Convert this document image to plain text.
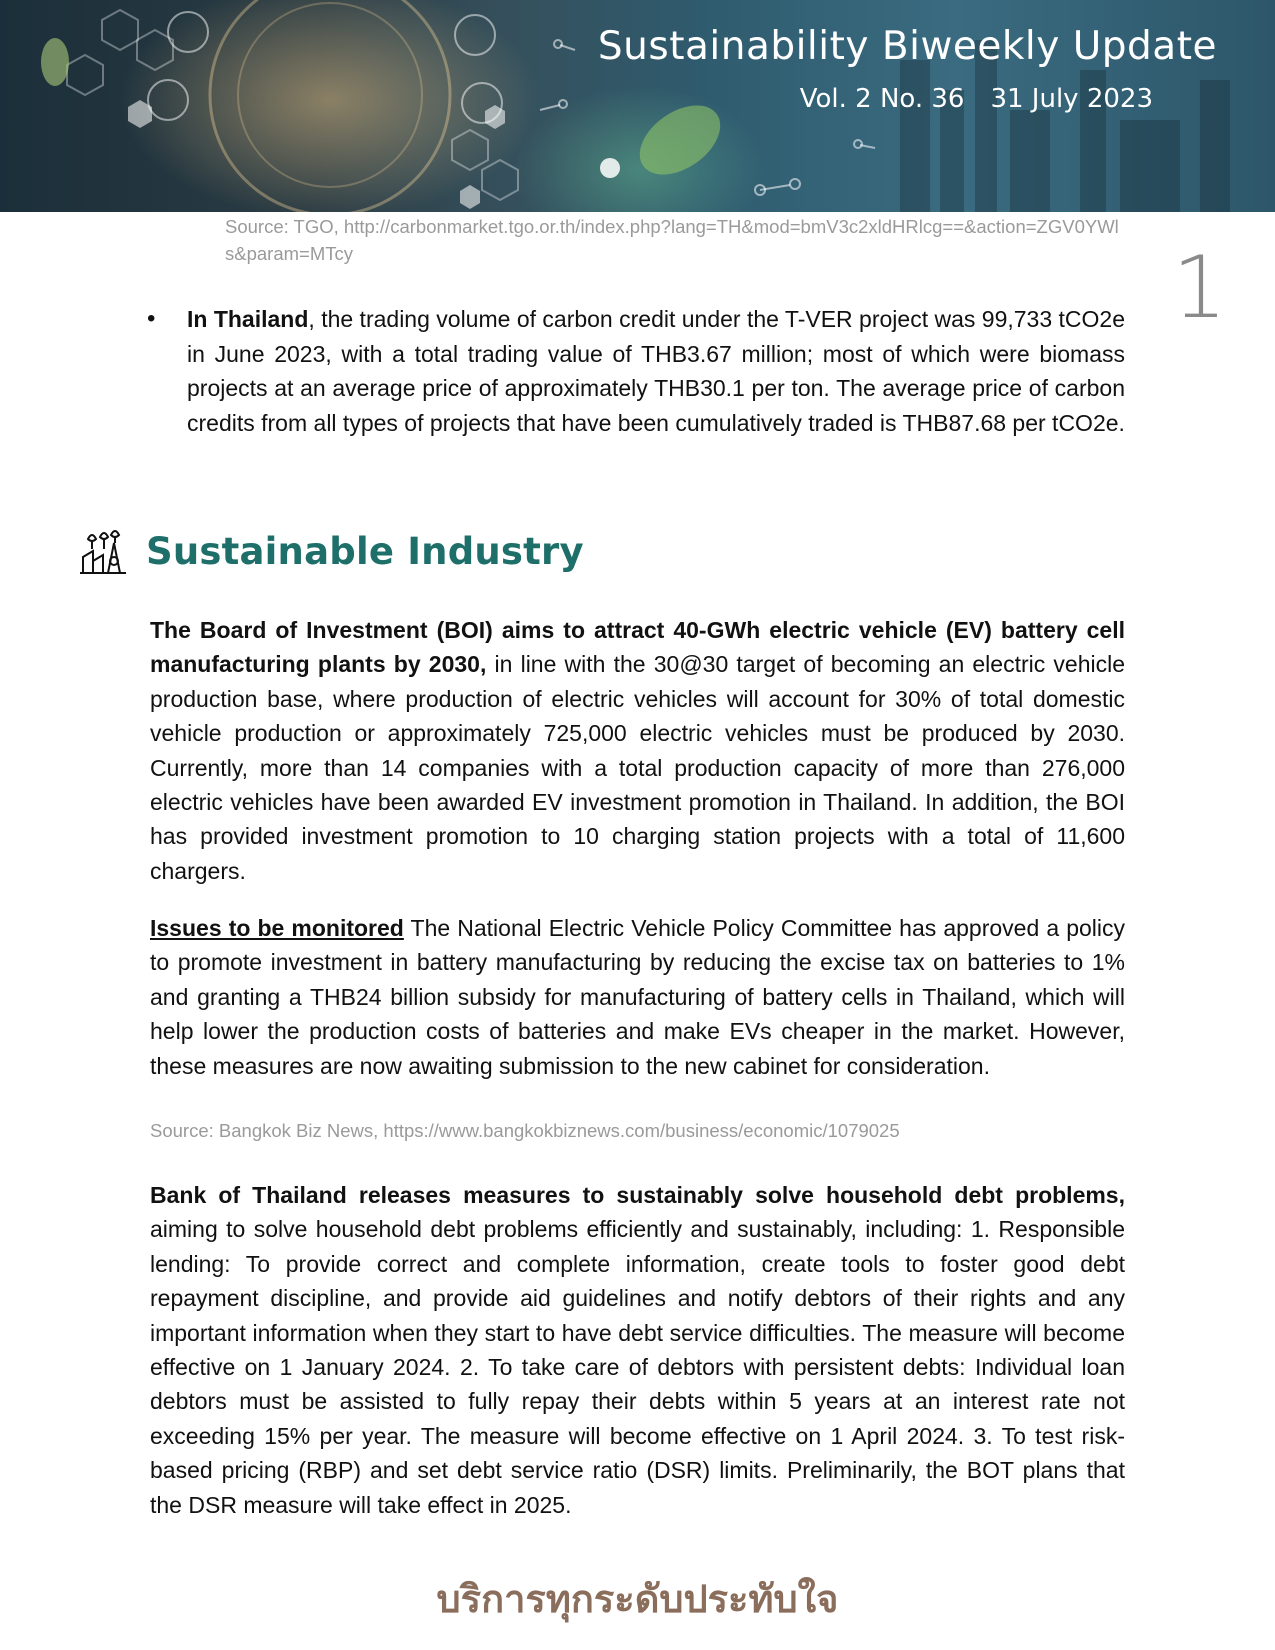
Sustainability Biweekly Update
Vol. 2 No. 36 31 July 2023
1
Source: TGO, http://carbonmarket.tgo.or.th/index.php?lang=TH&mod=bmV3c2xldHRlcg==&action=ZGV0YWls&param=MTcy
• In Thailand, the trading volume of carbon credit under the T-VER project was 99,733 tCO2e in June 2023, with a total trading value of THB3.67 million; most of which were biomass projects at an average price of approximately THB30.1 per ton. The average price of carbon credits from all types of projects that have been cumulatively traded is THB87.68 per tCO2e.
Sustainable Industry
The Board of Investment (BOI) aims to attract 40-GWh electric vehicle (EV) battery cell manufacturing plants by 2030, in line with the 30@30 target of becoming an electric vehicle production base, where production of electric vehicles will account for 30% of total domestic vehicle production or approximately 725,000 electric vehicles must be produced by 2030. Currently, more than 14 companies with a total production capacity of more than 276,000 electric vehicles have been awarded EV investment promotion in Thailand. In addition, the BOI has provided investment promotion to 10 charging station projects with a total of 11,600 chargers.
Issues to be monitored The National Electric Vehicle Policy Committee has approved a policy to promote investment in battery manufacturing by reducing the excise tax on batteries to 1% and granting a THB24 billion subsidy for manufacturing of battery cells in Thailand, which will help lower the production costs of batteries and make EVs cheaper in the market. However, these measures are now awaiting submission to the new cabinet for consideration.
Source: Bangkok Biz News, https://www.bangkokbiznews.com/business/economic/1079025
Bank of Thailand releases measures to sustainably solve household debt problems, aiming to solve household debt problems efficiently and sustainably, including: 1. Responsible lending: To provide correct and complete information, create tools to foster good debt repayment discipline, and provide aid guidelines and notify debtors of their rights and any important information when they start to have debt service difficulties. The measure will become effective on 1 January 2024. 2. To take care of debtors with persistent debts: Individual loan debtors must be assisted to fully repay their debts within 5 years at an interest rate not exceeding 15% per year. The measure will become effective on 1 April 2024. 3. To test risk-based pricing (RBP) and set debt service ratio (DSR) limits. Preliminarily, the BOT plans that the DSR measure will take effect in 2025.
บริการทุกระดับประทับใจ
